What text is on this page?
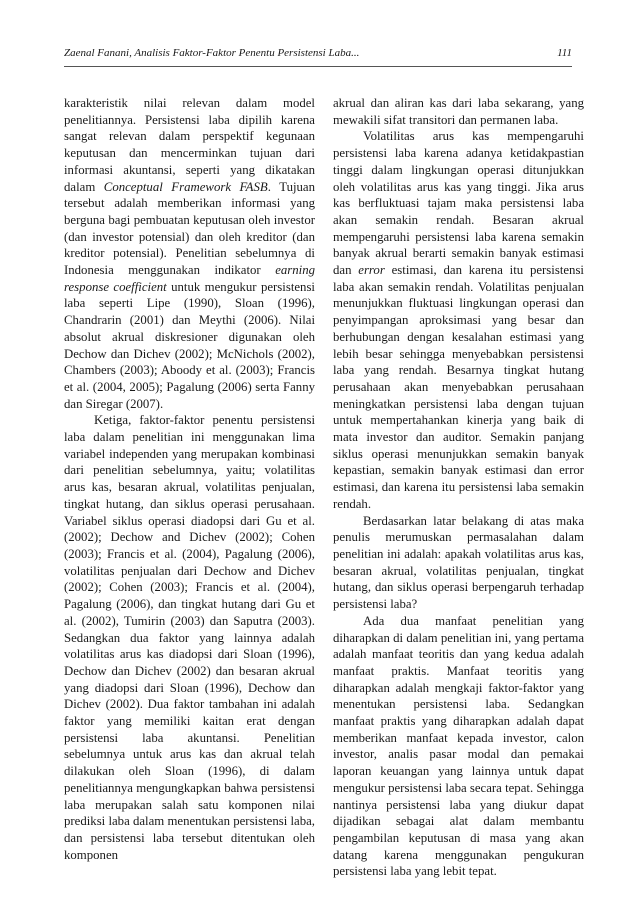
Zaenal Fanani, Analisis Faktor-Faktor Penentu Persistensi Laba...	111

karakteristik nilai relevan dalam model penelitiannya. Persistensi laba dipilih karena sangat relevan dalam perspektif kegunaan keputusan dan mencerminkan tujuan dari informasi akuntansi, seperti yang dikatakan dalam Conceptual Framework FASB. Tujuan tersebut adalah memberikan informasi yang berguna bagi pembuatan keputusan oleh investor (dan investor potensial) dan oleh kreditor (dan kreditor potensial). Penelitian sebelumnya di Indonesia menggunakan indikator earning response coefficient untuk mengukur persistensi laba seperti Lipe (1990), Sloan (1996), Chandrarin (2001) dan Meythi (2006). Nilai absolut akrual diskresioner digunakan oleh Dechow dan Dichev (2002); McNichols (2002), Chambers (2003); Aboody et al. (2003); Francis et al. (2004, 2005); Pagalung (2006) serta Fanny dan Siregar (2007).

Ketiga, faktor-faktor penentu persistensi laba dalam penelitian ini menggunakan lima variabel independen yang merupakan kombinasi dari penelitian sebelumnya, yaitu; volatilitas arus kas, besaran akrual, volatilitas penjualan, tingkat hutang, dan siklus operasi perusahaan. Variabel siklus operasi diadopsi dari Gu et al. (2002); Dechow and Dichev (2002); Cohen (2003); Francis et al. (2004), Pagalung (2006), volatilitas penjualan dari Dechow and Dichev (2002); Cohen (2003); Francis et al. (2004), Pagalung (2006), dan tingkat hutang dari Gu et al. (2002), Tumirin (2003) dan Saputra (2003). Sedangkan dua faktor yang lainnya adalah volatilitas arus kas diadopsi dari Sloan (1996), Dechow dan Dichev (2002) dan besaran akrual yang diadopsi dari Sloan (1996), Dechow dan Dichev (2002). Dua faktor tambahan ini adalah faktor yang memiliki kaitan erat dengan persistensi laba akuntansi. Penelitian sebelumnya untuk arus kas dan akrual telah dilakukan oleh Sloan (1996), di dalam penelitiannya mengungkapkan bahwa persistensi laba merupakan salah satu komponen nilai prediksi laba dalam menentukan persistensi laba, dan persistensi laba tersebut ditentukan oleh komponen

akrual dan aliran kas dari laba sekarang, yang mewakili sifat transitori dan permanen laba.

Volatilitas arus kas mempengaruhi persistensi laba karena adanya ketidakpastian tinggi dalam lingkungan operasi ditunjukkan oleh volatilitas arus kas yang tinggi. Jika arus kas berfluktuasi tajam maka persistensi laba akan semakin rendah. Besaran akrual mempengaruhi persistensi laba karena semakin banyak akrual berarti semakin banyak estimasi dan error estimasi, dan karena itu persistensi laba akan semakin rendah. Volatilitas penjualan menunjukkan fluktuasi lingkungan operasi dan penyimpangan aproksimasi yang besar dan berhubungan dengan kesalahan estimasi yang lebih besar sehingga menyebabkan persistensi laba yang rendah. Besarnya tingkat hutang perusahaan akan menyebabkan perusahaan meningkatkan persistensi laba dengan tujuan untuk mempertahankan kinerja yang baik di mata investor dan auditor. Semakin panjang siklus operasi menunjukkan semakin banyak kepastian, semakin banyak estimasi dan error estimasi, dan karena itu persistensi laba semakin rendah.

Berdasarkan latar belakang di atas maka penulis merumuskan permasalahan dalam penelitian ini adalah: apakah volatilitas arus kas, besaran akrual, volatilitas penjualan, tingkat hutang, dan siklus operasi berpengaruh terhadap persistensi laba?

Ada dua manfaat penelitian yang diharapkan di dalam penelitian ini, yang pertama adalah manfaat teoritis dan yang kedua adalah manfaat praktis. Manfaat teoritis yang diharapkan adalah mengkaji faktor-faktor yang menentukan persistensi laba. Sedangkan manfaat praktis yang diharapkan adalah dapat memberikan manfaat kepada investor, calon investor, analis pasar modal dan pemakai laporan keuangan yang lainnya untuk dapat mengukur persistensi laba secara tepat. Sehingga nantinya persistensi laba yang diukur dapat dijadikan sebagai alat dalam membantu pengambilan keputusan di masa yang akan datang karena menggunakan pengukuran persistensi laba yang lebit tepat.
